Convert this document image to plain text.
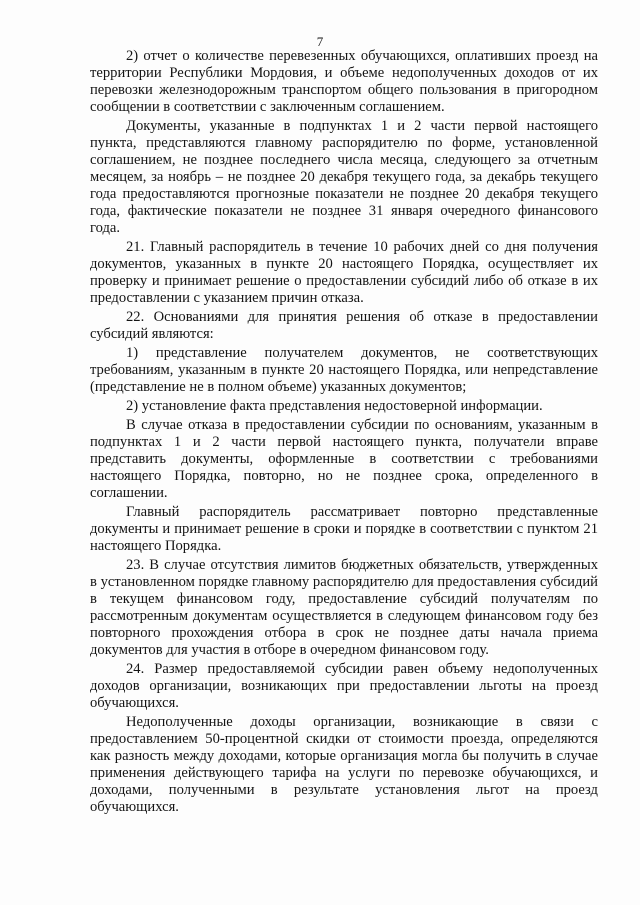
7

2) отчет о количестве перевезенных обучающихся, оплативших проезд на территории Республики Мордовия, и объеме недополученных доходов от их перевозки железнодорожным транспортом общего пользования в пригородном сообщении в соответствии с заключенным соглашением.

Документы, указанные в подпунктах 1 и 2 части первой настоящего пункта, представляются главному распорядителю по форме, установленной соглашением, не позднее последнего числа месяца, следующего за отчетным месяцем, за ноябрь – не позднее 20 декабря текущего года, за декабрь текущего года предоставляются прогнозные показатели не позднее 20 декабря текущего года, фактические показатели не позднее 31 января очередного финансового года.

21. Главный распорядитель в течение 10 рабочих дней со дня получения документов, указанных в пункте 20 настоящего Порядка, осуществляет их проверку и принимает решение о предоставлении субсидий либо об отказе в их предоставлении с указанием причин отказа.

22. Основаниями для принятия решения об отказе в предоставлении субсидий являются:

1) представление получателем документов, не соответствующих требованиям, указанным в пункте 20 настоящего Порядка, или непредставление (представление не в полном объеме) указанных документов;

2) установление факта представления недостоверной информации.

В случае отказа в предоставлении субсидии по основаниям, указанным в подпунктах 1 и 2 части первой настоящего пункта, получатели вправе представить документы, оформленные в соответствии с требованиями настоящего Порядка, повторно, но не позднее срока, определенного в соглашении.

Главный распорядитель рассматривает повторно представленные документы и принимает решение в сроки и порядке в соответствии с пунктом 21 настоящего Порядка.

23. В случае отсутствия лимитов бюджетных обязательств, утвержденных в установленном порядке главному распорядителю для предоставления субсидий в текущем финансовом году, предоставление субсидий получателям по рассмотренным документам осуществляется в следующем финансовом году без повторного прохождения отбора в срок не позднее даты начала приема документов для участия в отборе в очередном финансовом году.

24. Размер предоставляемой субсидии равен объему недополученных доходов организации, возникающих при предоставлении льготы на проезд обучающихся.

Недополученные доходы организации, возникающие в связи с предоставлением 50-процентной скидки от стоимости проезда, определяются как разность между доходами, которые организация могла бы получить в случае применения действующего тарифа на услуги по перевозке обучающихся, и доходами, полученными в результате установления льгот на проезд обучающихся.
